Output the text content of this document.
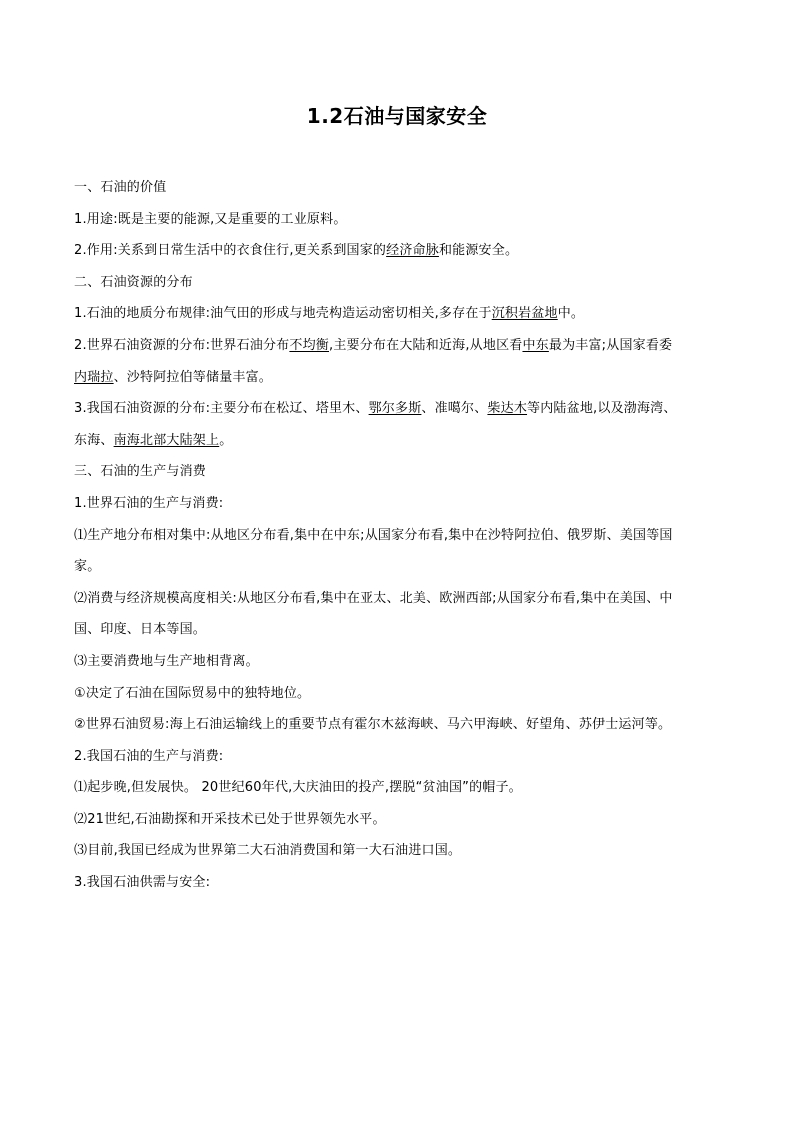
1.2石油与国家安全
一、石油的价值
1.用途:既是主要的能源,又是重要的工业原料。
2.作用:关系到日常生活中的衣食住行,更关系到国家的经济命脉和能源安全。
二、石油资源的分布
1.石油的地质分布规律:油气田的形成与地壳构造运动密切相关,多存在于沉积岩盆地中。
2.世界石油资源的分布:世界石油分布不均衡,主要分布在大陆和近海,从地区看中东最为丰富;从国家看委
内瑞拉、沙特阿拉伯等储量丰富。
3.我国石油资源的分布:主要分布在松辽、塔里木、鄂尔多斯、准噶尔、柴达木等内陆盆地,以及渤海湾、
东海、南海北部大陆架上。
三、石油的生产与消费
1.世界石油的生产与消费:
⑴生产地分布相对集中:从地区分布看,集中在中东;从国家分布看,集中在沙特阿拉伯、俄罗斯、美国等国
家。
⑵消费与经济规模高度相关:从地区分布看,集中在亚太、北美、欧洲西部;从国家分布看,集中在美国、中
国、印度、日本等国。
⑶主要消费地与生产地相背离。
①决定了石油在国际贸易中的独特地位。
②世界石油贸易:海上石油运输线上的重要节点有霍尔木兹海峡、马六甲海峡、好望角、苏伊士运河等。
2.我国石油的生产与消费:
⑴起步晚,但发展快。 20世纪60年代,大庆油田的投产,摆脱“贫油国”的帽子。
⑵21世纪,石油勘探和开采技术已处于世界领先水平。
⑶目前,我国已经成为世界第二大石油消费国和第一大石油进口国。
3.我国石油供需与安全:
